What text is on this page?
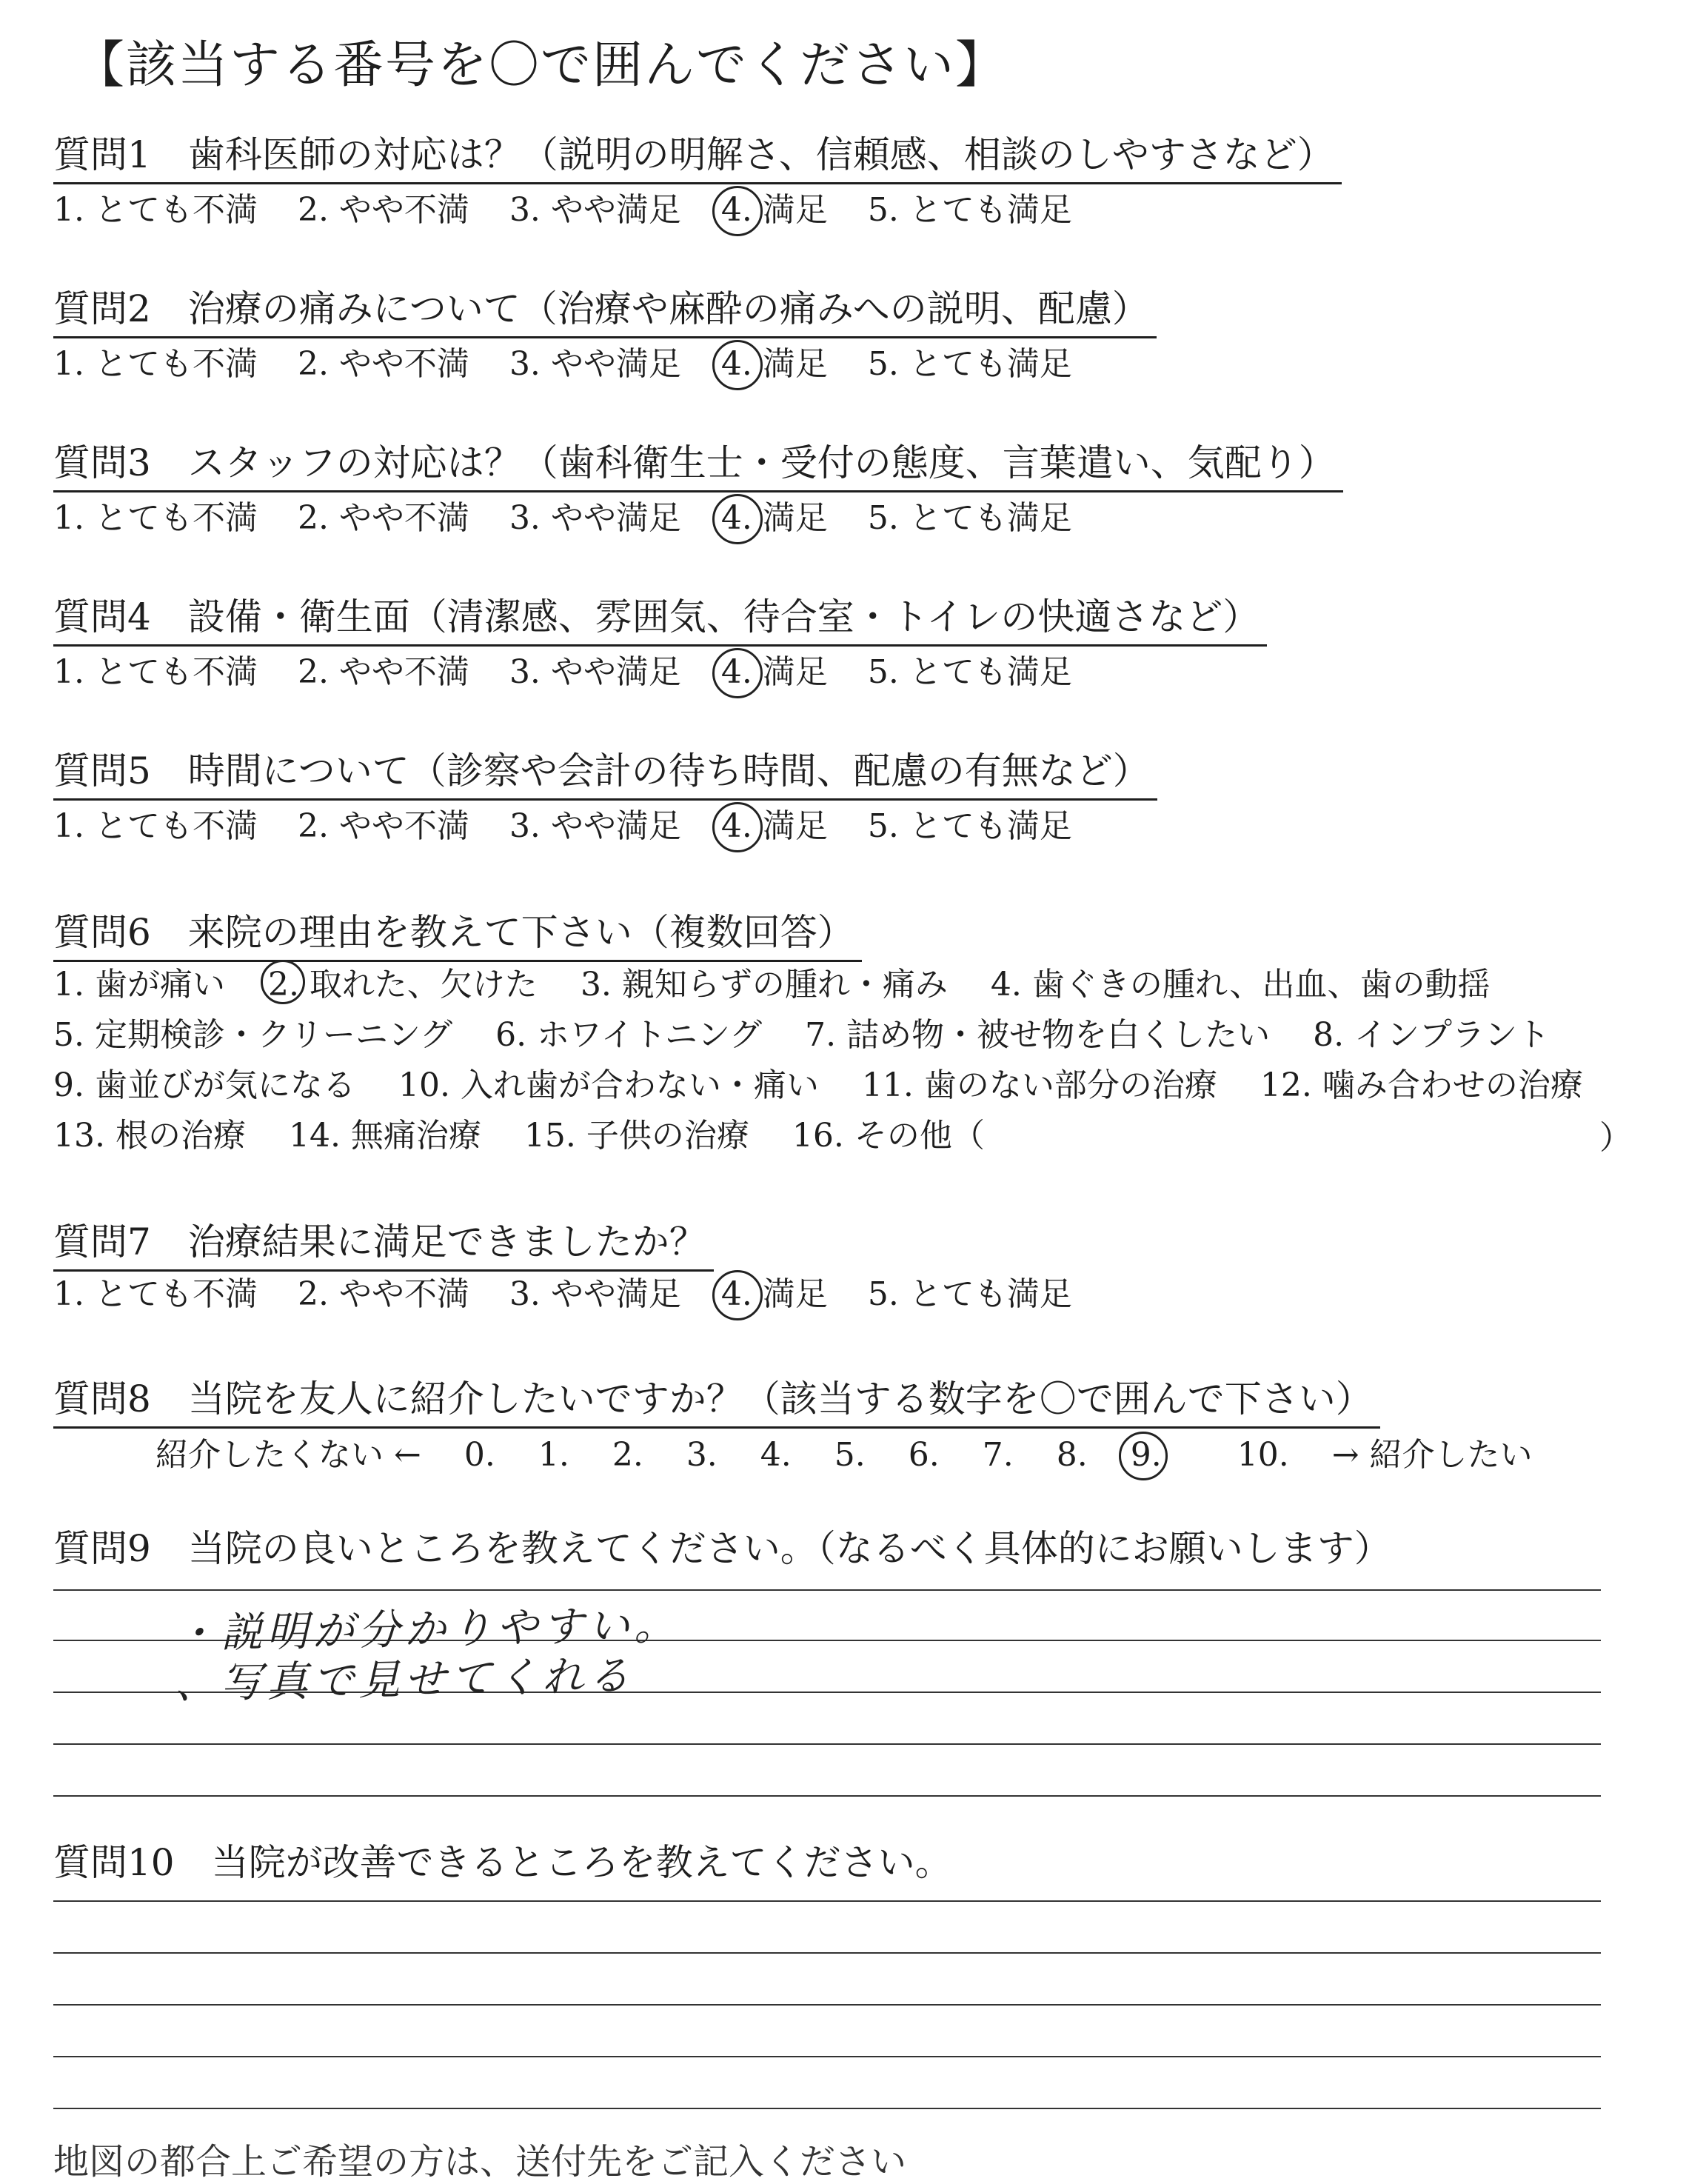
【該当する番号を〇で囲んでください】
質問1　歯科医師の対応は？（説明の明解さ、信頼感、相談のしやすさなど）
1. とても不満 2. やや不満 3. やや満足 4. 満足 5. とても満足
質問2　治療の痛みについて（治療や麻酔の痛みへの説明、配慮）
1. とても不満 2. やや不満 3. やや満足 4. 満足 5. とても満足
質問3　スタッフの対応は？（歯科衛生士・受付の態度、言葉遣い、気配り）
1. とても不満 2. やや不満 3. やや満足 4. 満足 5. とても満足
質問4　設備・衛生面（清潔感、雰囲気、待合室・トイレの快適さなど）
1. とても不満 2. やや不満 3. やや満足 4. 満足 5. とても満足
質問5　時間について（診察や会計の待ち時間、配慮の有無など）
1. とても不満 2. やや不満 3. やや満足 4. 満足 5. とても満足
質問6　来院の理由を教えて下さい（複数回答）
1. 歯が痛い 2. 取れた、欠けた 3. 親知らずの腫れ・痛み 4. 歯ぐきの腫れ、出血、歯の動揺
5. 定期検診・クリーニング 6. ホワイトニング 7. 詰め物・被せ物を白くしたい 8. インプラント
9. 歯並びが気になる 10. 入れ歯が合わない・痛い 11. 歯のない部分の治療 12. 噛み合わせの治療
13. 根の治療 14. 無痛治療 15. 子供の治療 16. その他（	）
質問7　治療結果に満足できましたか？
1. とても不満 2. やや不満 3. やや満足 4. 満足 5. とても満足
質問8　当院を友人に紹介したいですか？（該当する数字を〇で囲んで下さい）
紹介したくない ← 0. 1. 2. 3. 4. 5. 6. 7. 8. 9. 10. → 紹介したい
質問9　当院の良いところを教えてください。（なるべく具体的にお願いします）
・説明が分かりやすい。
、写真で見せてくれる
質問10　当院が改善できるところを教えてください。
地図の都合上ご希望の方は、送付先をご記入ください
